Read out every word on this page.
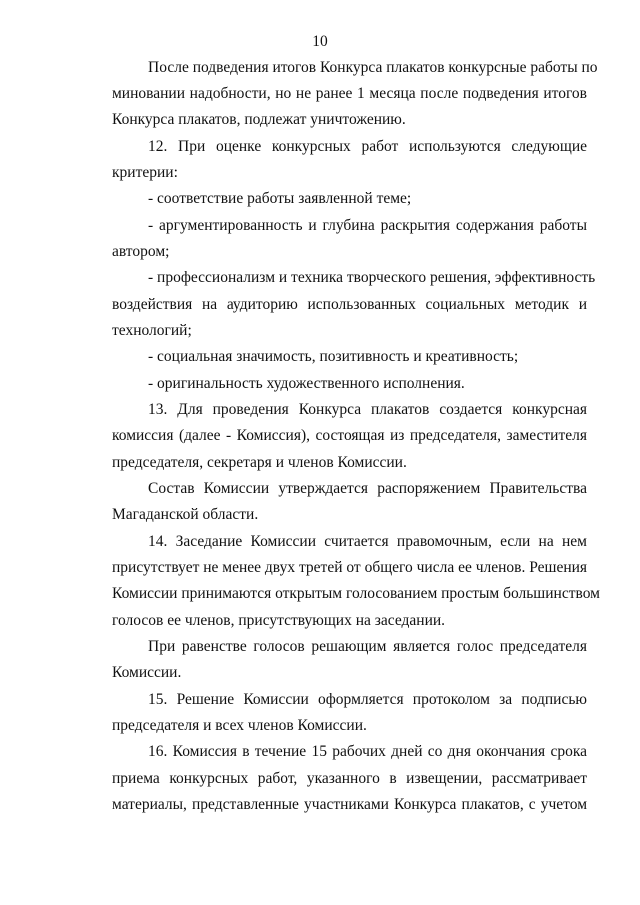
10
После подведения итогов Конкурса плакатов конкурсные работы по
миновании надобности, но не ранее 1 месяца после подведения итогов
Конкурса плакатов, подлежат уничтожению.
12. При оценке конкурсных работ используются следующие
критерии:
- соответствие работы заявленной теме;
- аргументированность и глубина раскрытия содержания работы
автором;
- профессионализм и техника творческого решения, эффективность
воздействия на аудиторию использованных социальных методик и
технологий;
- социальная значимость, позитивность и креативность;
- оригинальность художественного исполнения.
13. Для проведения Конкурса плакатов создается конкурсная
комиссия (далее - Комиссия), состоящая из председателя, заместителя
председателя, секретаря и членов Комиссии.
Состав Комиссии утверждается распоряжением Правительства
Магаданской области.
14. Заседание Комиссии считается правомочным, если на нем
присутствует не менее двух третей от общего числа ее членов. Решения
Комиссии принимаются открытым голосованием простым большинством
голосов ее членов, присутствующих на заседании.
При равенстве голосов решающим является голос председателя
Комиссии.
15. Решение Комиссии оформляется протоколом за подписью
председателя и всех членов Комиссии.
16. Комиссия в течение 15 рабочих дней со дня окончания срока
приема конкурсных работ, указанного в извещении, рассматривает
материалы, представленные участниками Конкурса плакатов, с учетом
